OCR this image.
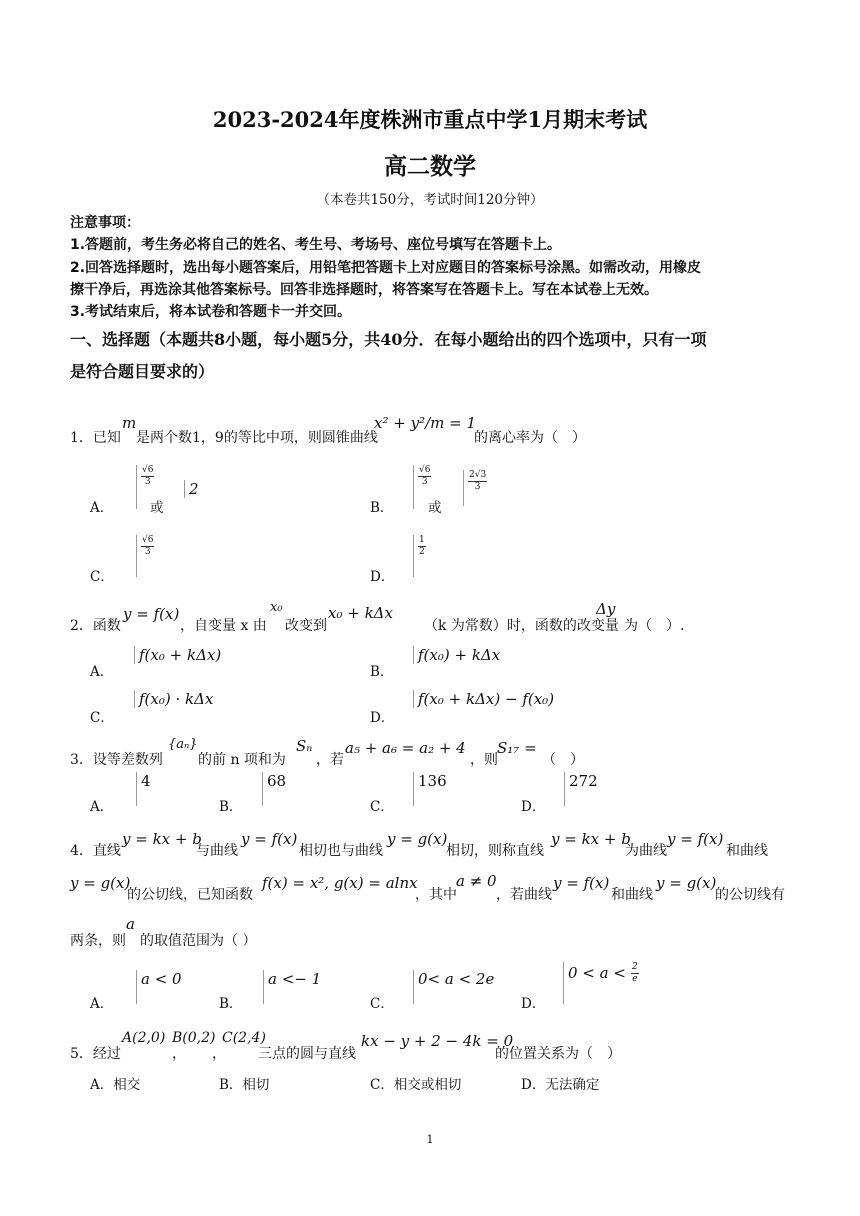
2023-2024年度株洲市重点中学1月期末考试
高二数学
（本卷共150分，考试时间120分钟）
注意事项：
1.答题前，考生务必将自己的姓名、考生号、考场号、座位号填写在答题卡上。
2.回答选择题时，选出每小题答案后，用铅笔把答题卡上对应题目的答案标号涂黑。如需改动，用橡皮
擦干净后，再选涂其他答案标号。回答非选择题时，将答案写在答题卡上。写在本试卷上无效。
3.考试结束后，将本试卷和答题卡一并交回。
一、选择题（本题共8小题，每小题5分，共40分．在每小题给出的四个选项中，只有一项
是符合题目要求的）
1．已知
m
是两个数1，9的等比中项，则圆锥曲线
x² + y²/m = 1
的离心率为（　）
A．
$\frac{√6}{3}$
或
2
B．
$\frac{√6}{3}$
或
$\frac{2√3}{3}$
C．
$\frac{√6}{3}$
D．
$\frac{1}{2}$
2．函数
y = f(x)
，自变量 x 由
x₀
改变到
x₀ + kΔx
（k 为常数）时，函数的改变量
Δy
为（　）.
A．
f(x₀ + kΔx)
B．
f(x₀) + kΔx
C．
f(x₀) · kΔx
D．
f(x₀ + kΔx) − f(x₀)
3．设等差数列
{aₙ}
的前 n 项和为
Sₙ
，若
a₅ + a₆ = a₂ + 4
，则
S₁₇ =
（　）
A．
4
B．
68
C．
136
D．
272
4．直线
y = kx + b
与曲线
y = f(x)
相切也与曲线
y = g(x)
相切，则称直线
y = kx + b
为曲线
y = f(x)
和曲线
y = g(x)
的公切线，已知函数
f(x) = x², g(x) = alnx
，其中
a ≠ 0
，若曲线
y = f(x)
和曲线
y = g(x)
的公切线有
两条，则
a
的取值范围为（ ）
A．
a < 0
B．
a <− 1
C．
0< a < 2e
D．
$0 < a < \frac{2}{e}$
5．经过
A(2,0)
，
B(0,2)
，
C(2,4)
三点的圆与直线
kx − y + 2 − 4k = 0
的位置关系为（　）
A．相交	B．相切	C．相交或相切	D．无法确定
1
